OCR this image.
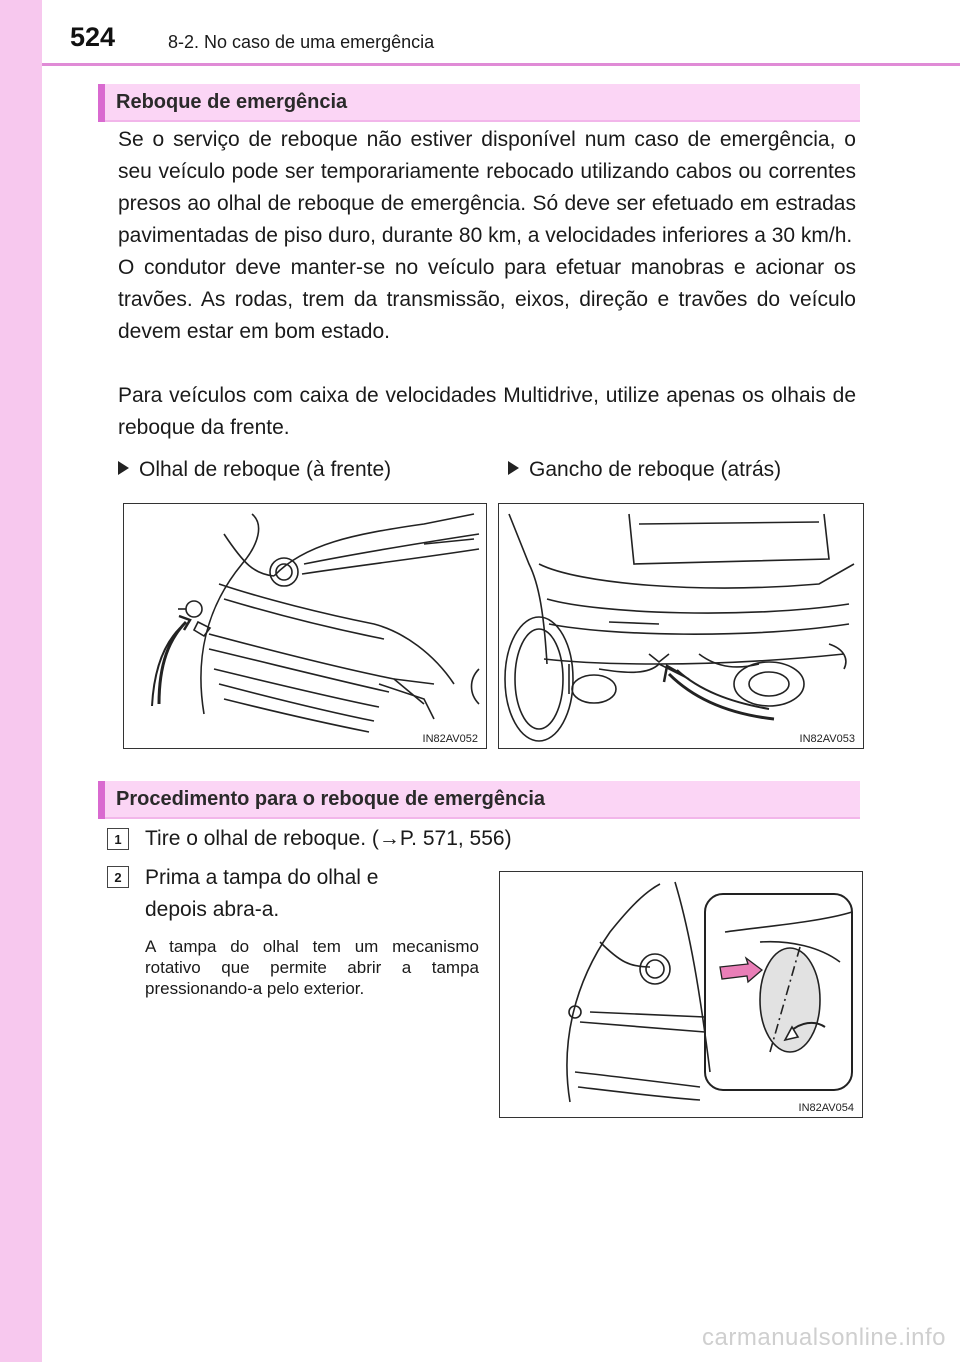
524	8-2. No caso de uma emergência
Reboque de emergência

Se o serviço de reboque não estiver disponível num caso de emergência, o seu veículo pode ser temporariamente rebocado utilizando cabos ou correntes presos ao olhal de reboque de emergência. Só deve ser efetuado em estradas pavimentadas de piso duro, durante 80 km, a velocidades inferiores a 30 km/h.

O condutor deve manter-se no veículo para efetuar manobras e acionar os travões. As rodas, trem da transmissão, eixos, direção e travões do veículo devem estar em bom estado.

Para veículos com caixa de velocidades Multidrive, utilize apenas os olhais de reboque da frente.

Olhal de reboque (à frente)	Gancho de reboque (atrás)
IN82AV052	IN82AV053
Procedimento para o reboque de emergência
1	Tire o olhal de reboque. (→P. 571, 556)
2	Prima a tampa do olhal e depois abra-a.
A tampa do olhal tem um mecanismo rotativo que permite abrir a tampa pressionando-a pelo exterior.
IN82AV054
carmanualsonline.info
